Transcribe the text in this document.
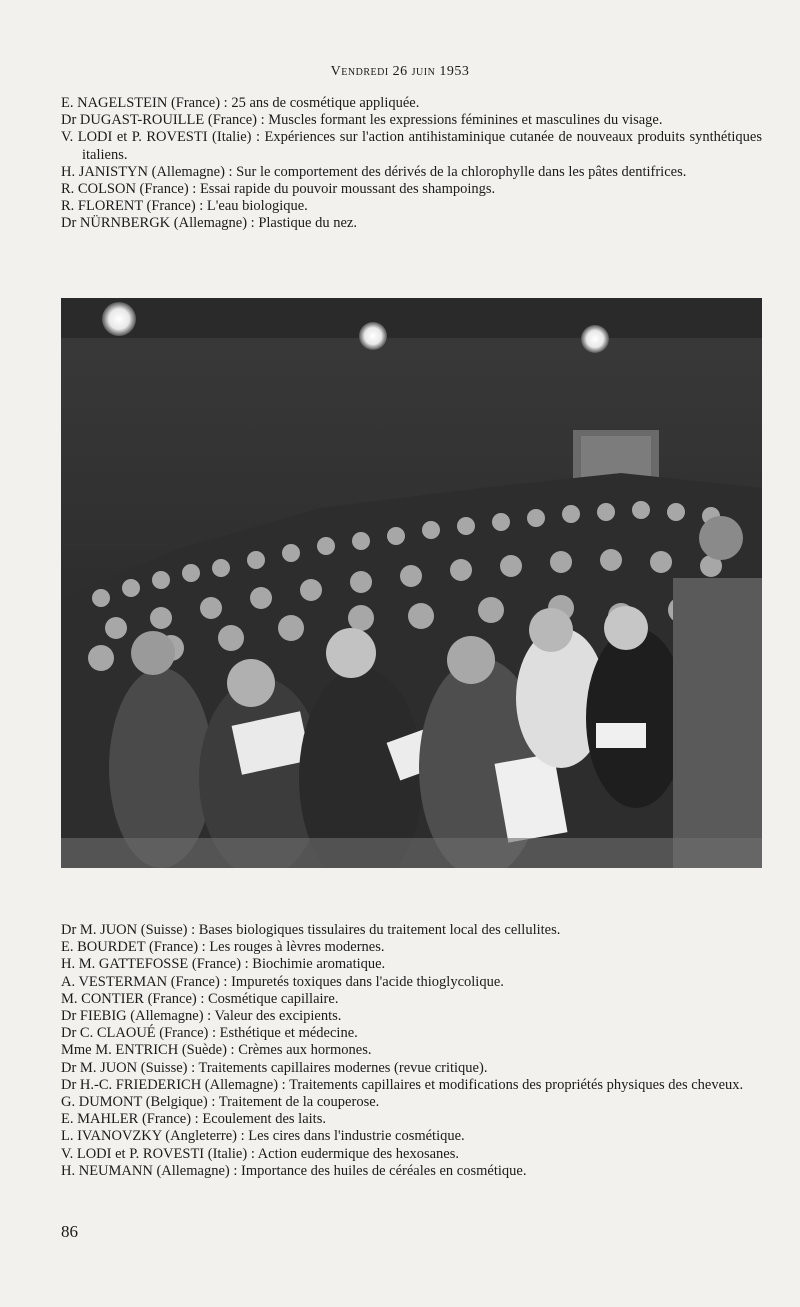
Vendredi 26 juin 1953
E. NAGELSTEIN (France) : 25 ans de cosmétique appliquée.
Dr DUGAST-ROUILLE (France) : Muscles formant les expressions féminines et masculines du visage.
V. LODI et P. ROVESTI (Italie) : Expériences sur l'action antihistaminique cutanée de nouveaux produits synthétiques italiens.
H. JANISTYN (Allemagne) : Sur le comportement des dérivés de la chlorophylle dans les pâtes dentifrices.
R. COLSON (France) : Essai rapide du pouvoir moussant des shampoings.
R. FLORENT (France) : L'eau biologique.
Dr NÜRNBERGK (Allemagne) : Plastique du nez.
Dr M. JUON (Suisse) : Bases biologiques tissulaires du traitement local des cellulites.
E. BOURDET (France) : Les rouges à lèvres modernes.
H. M. GATTEFOSSE (France) : Biochimie aromatique.
A. VESTERMAN (France) : Impuretés toxiques dans l'acide thioglycolique.
M. CONTIER (France) : Cosmétique capillaire.
Dr FIEBIG (Allemagne) : Valeur des excipients.
Dr C. CLAOUÉ (France) : Esthétique et médecine.
Mme M. ENTRICH (Suède) : Crèmes aux hormones.
Dr M. JUON (Suisse) : Traitements capillaires modernes (revue critique).
Dr H.-C. FRIEDERICH (Allemagne) : Traitements capillaires et modifications des propriétés physiques des cheveux.
G. DUMONT (Belgique) : Traitement de la couperose.
E. MAHLER (France) : Ecoulement des laits.
L. IVANOVZKY (Angleterre) : Les cires dans l'industrie cosmétique.
V. LODI et P. ROVESTI (Italie) : Action eudermique des hexosanes.
H. NEUMANN (Allemagne) : Importance des huiles de céréales en cosmétique.
86
